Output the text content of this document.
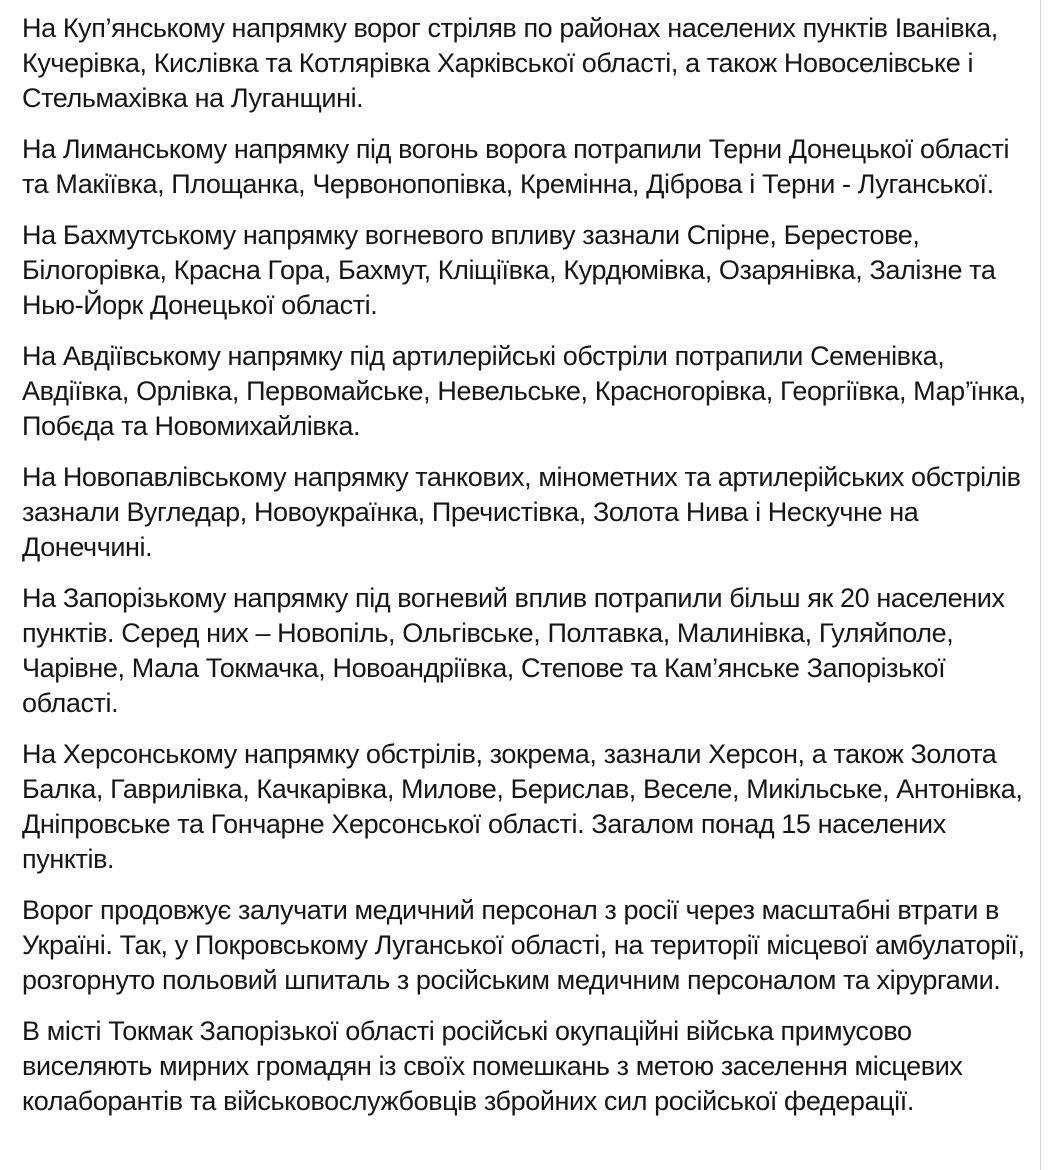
На Куп’янському напрямку ворог стріляв по районах населених пунктів Іванівка, Кучерівка, Кислівка та Котлярівка Харківської області, а також Новоселівське і Стельмахівка на Луганщині.

На Лиманському напрямку під вогонь ворога потрапили Терни Донецької області та Макіївка, Площанка, Червонопопівка, Кремінна, Діброва і Терни - Луганської.

На Бахмутському напрямку вогневого впливу зазнали Спірне, Берестове, Білогорівка, Красна Гора, Бахмут, Кліщіївка, Курдюмівка, Озарянівка, Залізне та Нью-Йорк Донецької області.

На Авдіївському напрямку під артилерійські обстріли потрапили Семенівка, Авдіївка, Орлівка, Первомайське, Невельське, Красногорівка, Георгіївка, Мар’їнка, Побєда та Новомихайлівка.

На Новопавлівському напрямку танкових, мінометних та артилерійських обстрілів зазнали Вугледар, Новоукраїнка, Пречистівка, Золота Нива і Нескучне на Донеччині.

На Запорізькому напрямку під вогневий вплив потрапили більш як 20 населених пунктів. Серед них – Новопіль, Ольгівське, Полтавка, Малинівка, Гуляйполе, Чарівне, Мала Токмачка, Новоандріївка, Степове та Кам’янське Запорізької області.

На Херсонському напрямку обстрілів, зокрема, зазнали Херсон, а також Золота Балка, Гаврилівка, Качкарівка, Милове, Берислав, Веселе, Микільське, Антонівка, Дніпровське та Гончарне Херсонської області. Загалом понад 15 населених пунктів.

Ворог продовжує залучати медичний персонал з росії через масштабні втрати в Україні. Так, у Покровському Луганської області, на території місцевої амбулаторії, розгорнуто польовий шпиталь з російським медичним персоналом та хірургами.

В місті Токмак Запорізької області російські окупаційні війська примусово виселяють мирних громадян із своїх помешкань з метою заселення місцевих колаборантів та військовослужбовців збройних сил російської федерації.
